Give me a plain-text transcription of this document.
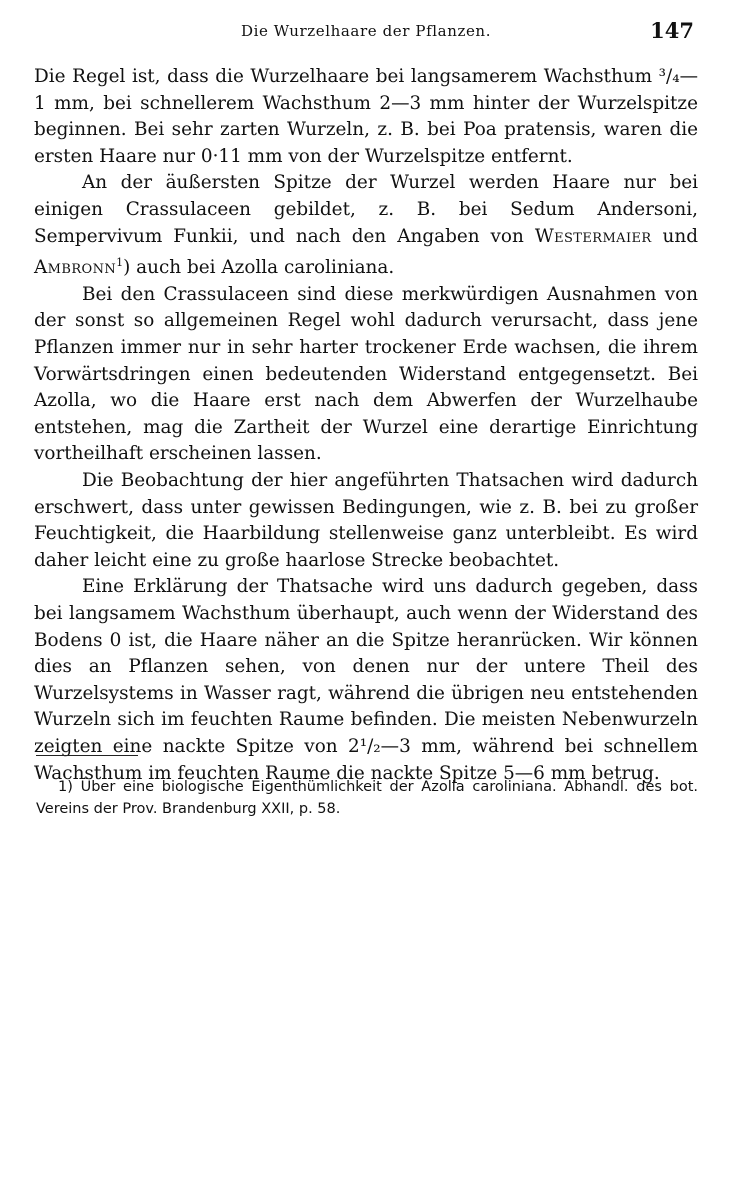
Die Wurzelhaare der Pflanzen.	147

Die Regel ist, dass die Wurzelhaare bei langsamerem Wachsthum ³/₄—1 mm, bei schnellerem Wachsthum 2—3 mm hinter der Wurzelspitze beginnen. Bei sehr zarten Wurzeln, z. B. bei Poa pratensis, waren die ersten Haare nur 0·11 mm von der Wurzelspitze entfernt.

An der äußersten Spitze der Wurzel werden Haare nur bei einigen Crassulaceen gebildet, z. B. bei Sedum Andersoni, Sempervivum Funkii, und nach den Angaben von Westermaier und Ambronn$^1$) auch bei Azolla caroliniana.

Bei den Crassulaceen sind diese merkwürdigen Ausnahmen von der sonst so allgemeinen Regel wohl dadurch verursacht, dass jene Pflanzen immer nur in sehr harter trockener Erde wachsen, die ihrem Vorwärtsdringen einen bedeutenden Widerstand entgegensetzt. Bei Azolla, wo die Haare erst nach dem Abwerfen der Wurzelhaube entstehen, mag die Zartheit der Wurzel eine derartige Einrichtung vortheilhaft erscheinen lassen.

Die Beobachtung der hier angeführten Thatsachen wird dadurch erschwert, dass unter gewissen Bedingungen, wie z. B. bei zu großer Feuchtigkeit, die Haarbildung stellenweise ganz unterbleibt. Es wird daher leicht eine zu große haarlose Strecke beobachtet.

Eine Erklärung der Thatsache wird uns dadurch gegeben, dass bei langsamem Wachsthum überhaupt, auch wenn der Widerstand des Bodens 0 ist, die Haare näher an die Spitze heranrücken. Wir können dies an Pflanzen sehen, von denen nur der untere Theil des Wurzelsystems in Wasser ragt, während die übrigen neu entstehenden Wurzeln sich im feuchten Raume befinden. Die meisten Nebenwurzeln zeigten eine nackte Spitze von 2¹/₂—3 mm, während bei schnellem Wachsthum im feuchten Raume die nackte Spitze 5—6 mm betrug.

1) Über eine biologische Eigenthümlichkeit der Azolla caroliniana. Abhandl. des bot. Vereins der Prov. Brandenburg XXII, p. 58.
